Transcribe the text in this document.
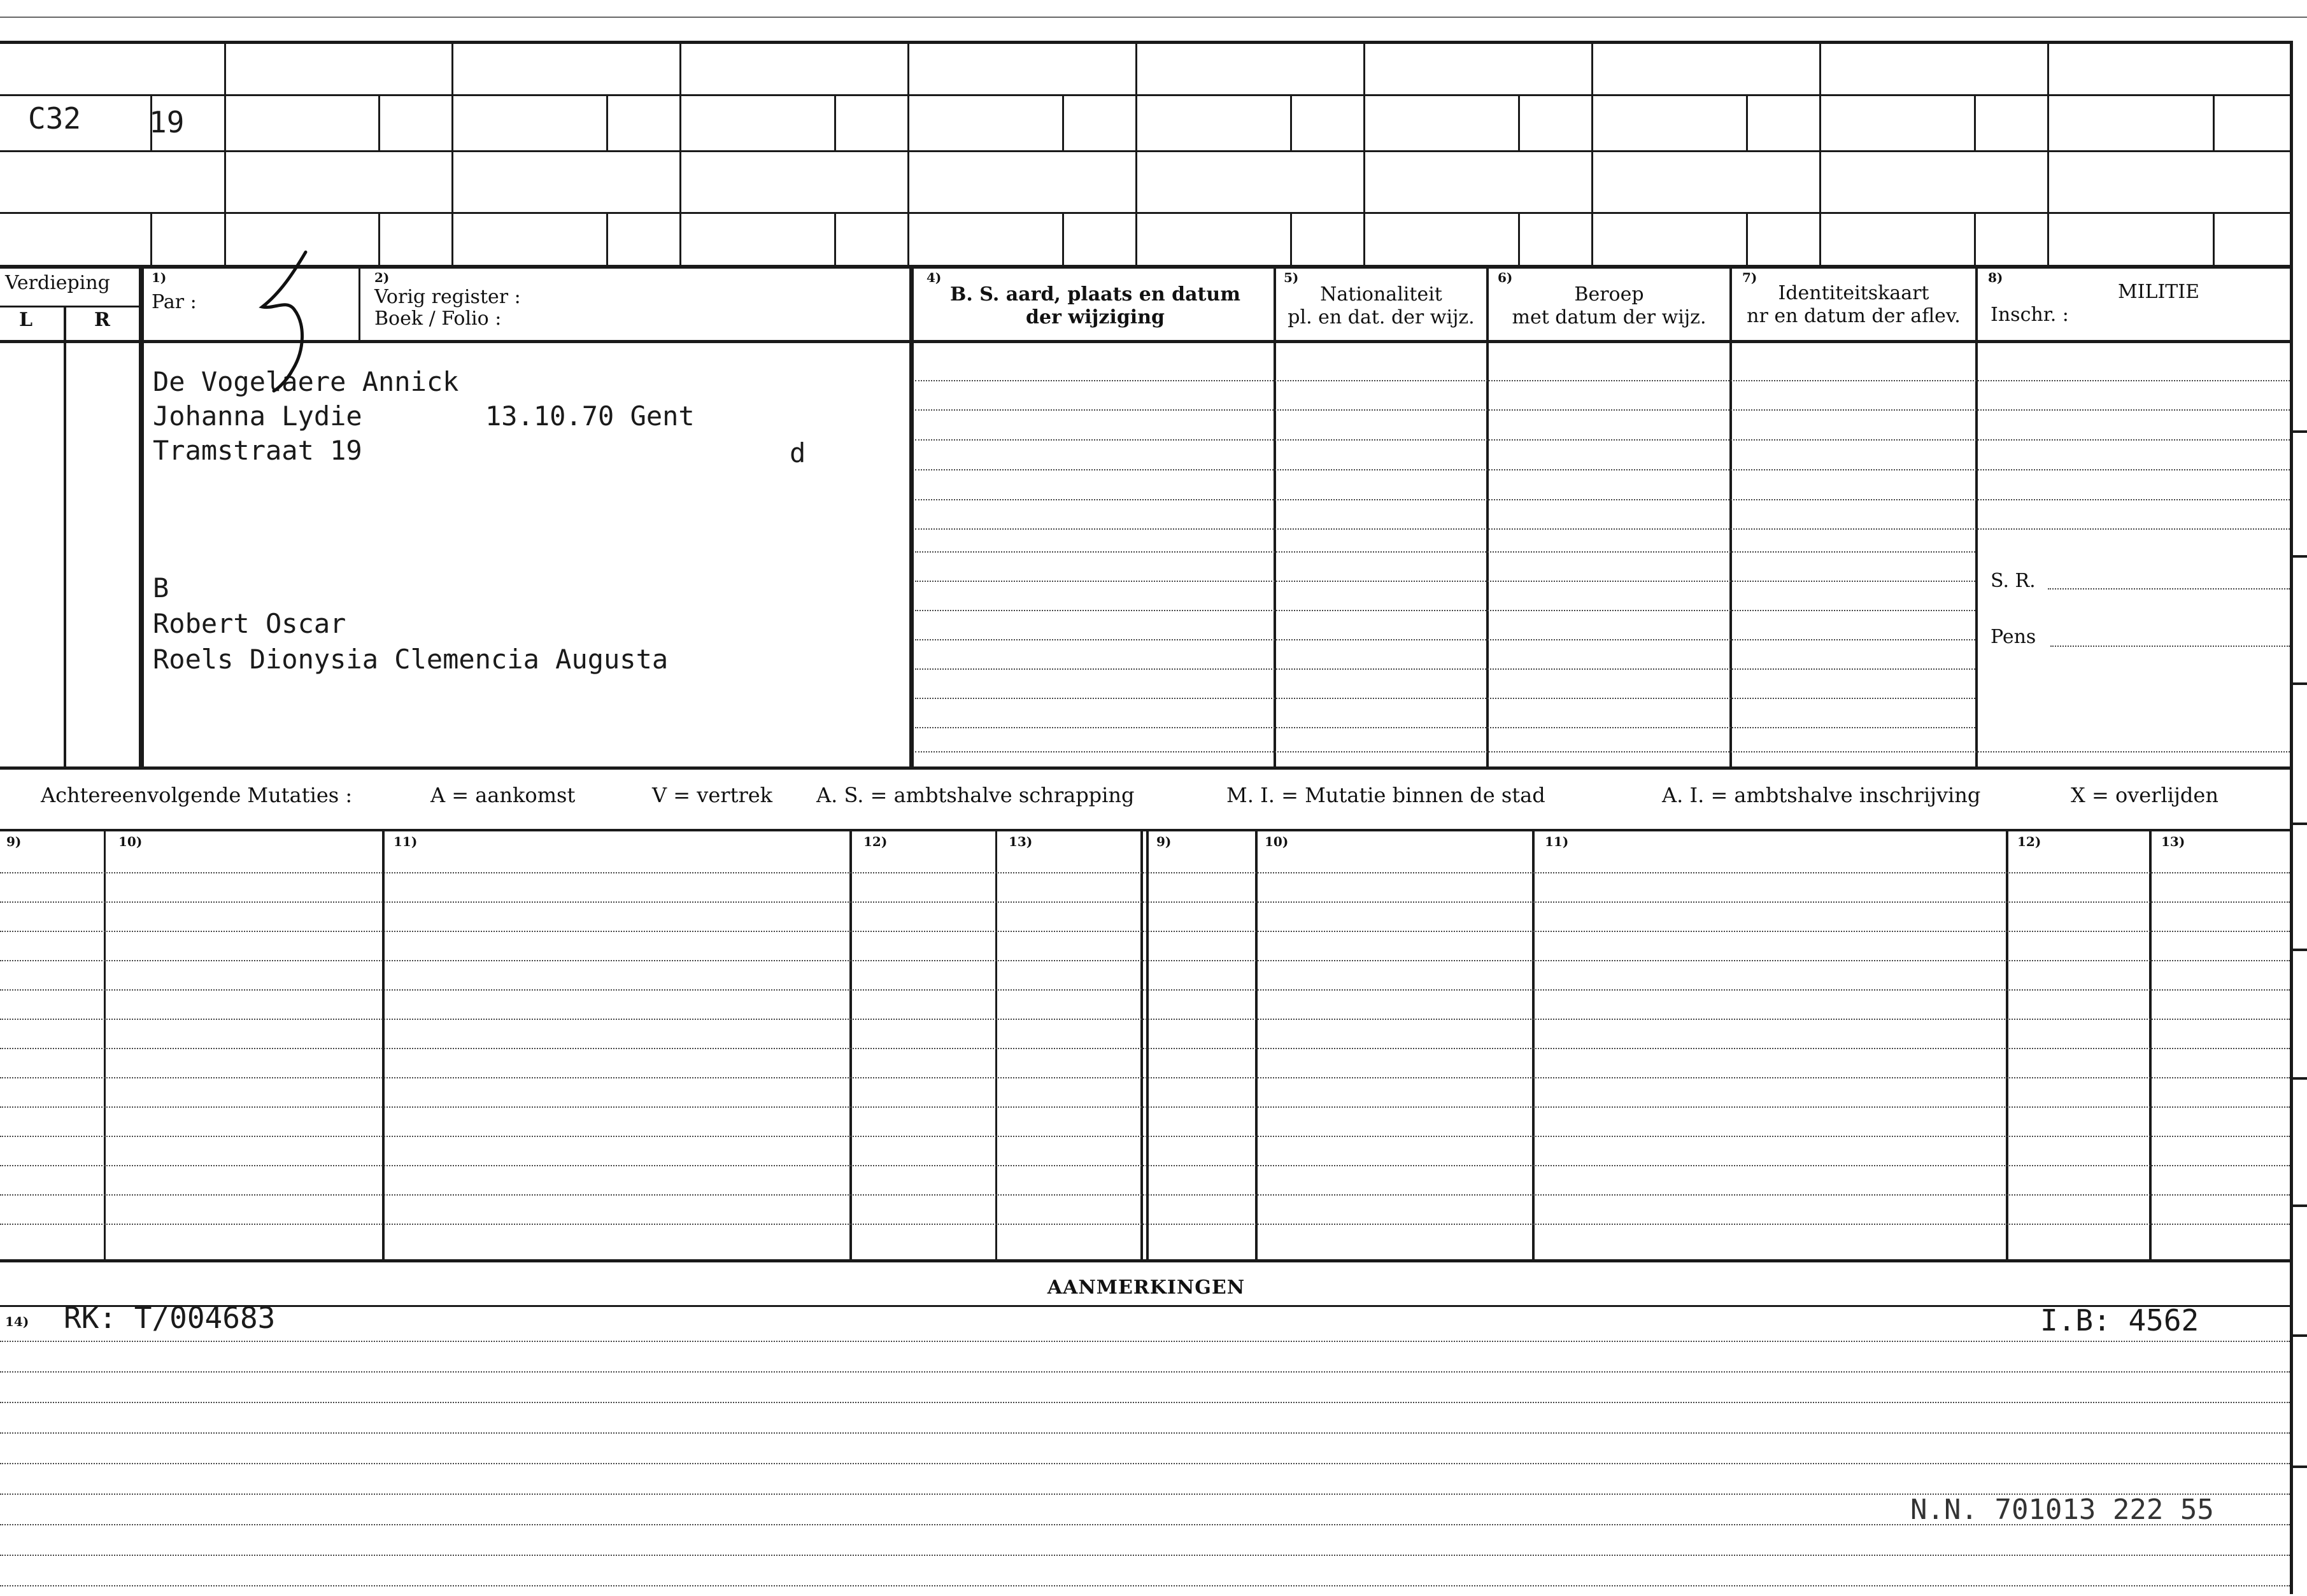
C32 19
Verdieping
L	R
1)
Par :
2)
Vorig register :
Boek / Folio :
4)
B. S. aard, plaats en datum
der wijziging
5)
Nationaliteit
pl. en dat. der wijz.
6)
Beroep
met datum der wijz.
7)
Identiteitskaart
nr en datum der aflev.
8)
MILITIE
Inschr. :
S. R.
Pens
De Vogelaere Annick
Johanna Lydie	13.10.70 Gent
Tramstraat 19	d
B
Robert Oscar
Roels Dionysia Clemencia Augusta
Achtereenvolgende Mutaties :	A = aankomst	V = vertrek A. S. = ambtshalve schrapping	M. I. = Mutatie binnen de stad	A. I. = ambtshalve inschrijving	X = overlijden
9)	10)	11)	12)	13)	9)	10)	11)	12)	13)
AANMERKINGEN
14) RK: T/004683	I.B: 4562
N.N. 701013 222 55
